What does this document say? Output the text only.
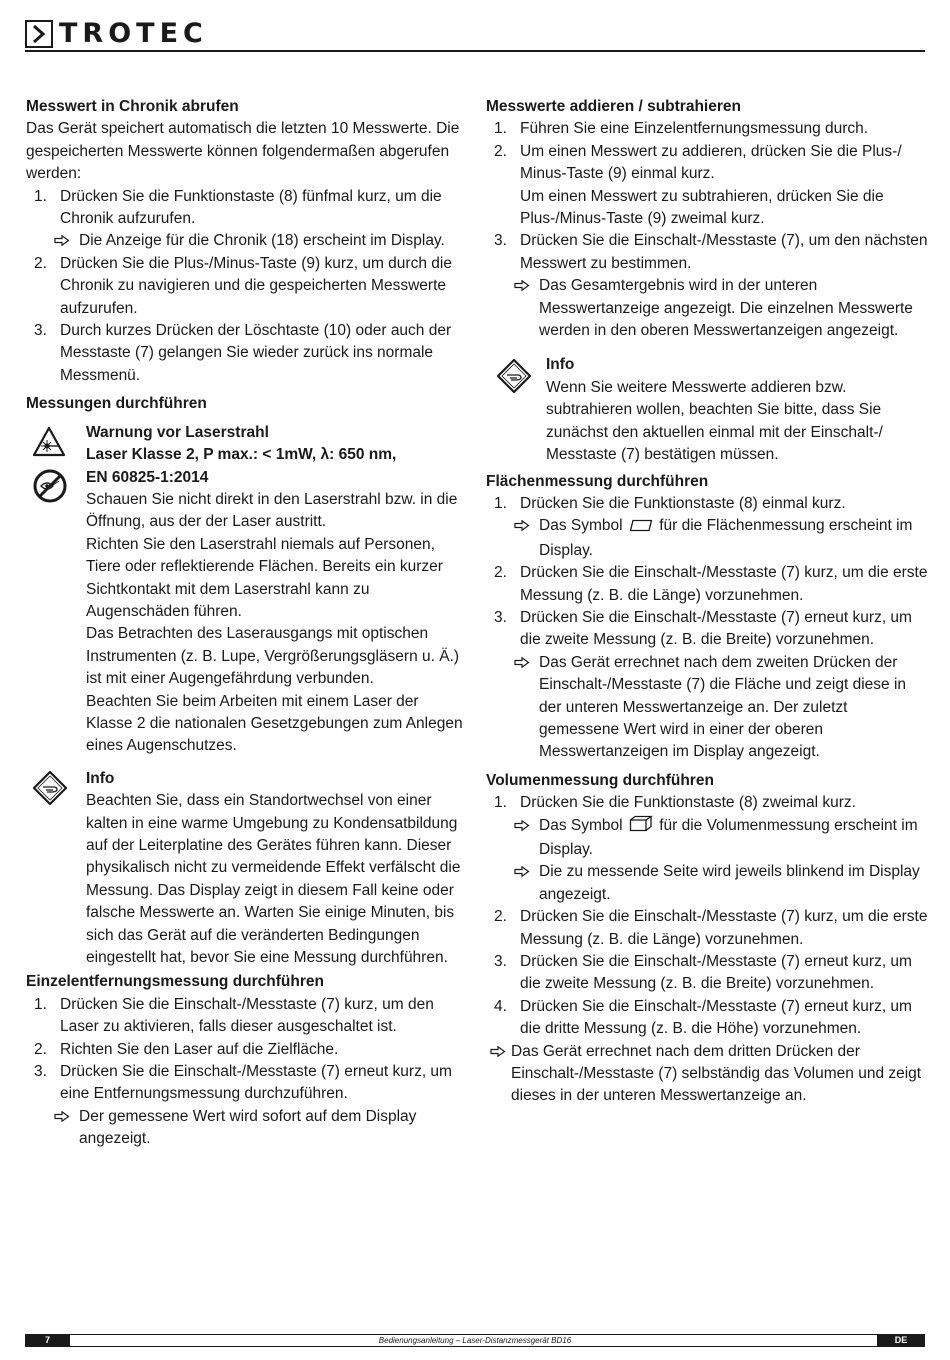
TROTEC
Messwert in Chronik abrufen
Das Gerät speichert automatisch die letzten 10 Messwerte. Die gespeicherten Messwerte können folgendermaßen abgerufen werden:
1. Drücken Sie die Funktionstaste (8) fünfmal kurz, um die Chronik aufzurufen.
Die Anzeige für die Chronik (18) erscheint im Display.
2. Drücken Sie die Plus-/Minus-Taste (9) kurz, um durch die Chronik zu navigieren und die gespeicherten Messwerte aufzurufen.
3. Durch kurzes Drücken der Löschtaste (10) oder auch der Messtaste (7) gelangen Sie wieder zurück ins normale Messmenü.
Messungen durchführen
Warnung vor Laserstrahl
Laser Klasse 2, P max.: < 1mW, λ: 650 nm,
EN 60825-1:2014
Schauen Sie nicht direkt in den Laserstrahl bzw. in die Öffnung, aus der der Laser austritt.
Richten Sie den Laserstrahl niemals auf Personen, Tiere oder reflektierende Flächen. Bereits ein kurzer Sichtkontakt mit dem Laserstrahl kann zu Augenschäden führen.
Das Betrachten des Laserausgangs mit optischen Instrumenten (z. B. Lupe, Vergrößerungsgläsern u. Ä.) ist mit einer Augengefährdung verbunden.
Beachten Sie beim Arbeiten mit einem Laser der Klasse 2 die nationalen Gesetzgebungen zum Anlegen eines Augenschutzes.
Info
Beachten Sie, dass ein Standortwechsel von einer kalten in eine warme Umgebung zu Kondensatbildung auf der Leiterplatine des Gerätes führen kann. Dieser physikalisch nicht zu vermeidende Effekt verfälscht die Messung. Das Display zeigt in diesem Fall keine oder falsche Messwerte an. Warten Sie einige Minuten, bis sich das Gerät auf die veränderten Bedingungen eingestellt hat, bevor Sie eine Messung durchführen.
Einzelentfernungsmessung durchführen
1. Drücken Sie die Einschalt-/Messtaste (7) kurz, um den Laser zu aktivieren, falls dieser ausgeschaltet ist.
2. Richten Sie den Laser auf die Zielfläche.
3. Drücken Sie die Einschalt-/Messtaste (7) erneut kurz, um eine Entfernungsmessung durchzuführen.
Der gemessene Wert wird sofort auf dem Display angezeigt.
Messwerte addieren / subtrahieren
1. Führen Sie eine Einzelentfernungsmessung durch.
2. Um einen Messwert zu addieren, drücken Sie die Plus-/ Minus-Taste (9) einmal kurz.
Um einen Messwert zu subtrahieren, drücken Sie die Plus-/Minus-Taste (9) zweimal kurz.
3. Drücken Sie die Einschalt-/Messtaste (7), um den nächsten Messwert zu bestimmen.
Das Gesamtergebnis wird in der unteren Messwertanzeige angezeigt. Die einzelnen Messwerte werden in den oberen Messwertanzeigen angezeigt.
Info
Wenn Sie weitere Messwerte addieren bzw. subtrahieren wollen, beachten Sie bitte, dass Sie zunächst den aktuellen einmal mit der Einschalt-/ Messtaste (7) bestätigen müssen.
Flächenmessung durchführen
1. Drücken Sie die Funktionstaste (8) einmal kurz.
Das Symbol für die Flächenmessung erscheint im Display.
2. Drücken Sie die Einschalt-/Messtaste (7) kurz, um die erste Messung (z. B. die Länge) vorzunehmen.
3. Drücken Sie die Einschalt-/Messtaste (7) erneut kurz, um die zweite Messung (z. B. die Breite) vorzunehmen.
Das Gerät errechnet nach dem zweiten Drücken der Einschalt-/Messtaste (7) die Fläche und zeigt diese in der unteren Messwertanzeige an. Der zuletzt gemessene Wert wird in einer der oberen Messwertanzeigen im Display angezeigt.
Volumenmessung durchführen
1. Drücken Sie die Funktionstaste (8) zweimal kurz.
Das Symbol für die Volumenmessung erscheint im Display.
Die zu messende Seite wird jeweils blinkend im Display angezeigt.
2. Drücken Sie die Einschalt-/Messtaste (7) kurz, um die erste Messung (z. B. die Länge) vorzunehmen.
3. Drücken Sie die Einschalt-/Messtaste (7) erneut kurz, um die zweite Messung (z. B. die Breite) vorzunehmen.
4. Drücken Sie die Einschalt-/Messtaste (7) erneut kurz, um die dritte Messung (z. B. die Höhe) vorzunehmen.
Das Gerät errechnet nach dem dritten Drücken der Einschalt-/Messtaste (7) selbständig das Volumen und zeigt dieses in der unteren Messwertanzeige an.
Bedienungsanleitung – Laser-Distanzmessgerät BD16
7	DE
